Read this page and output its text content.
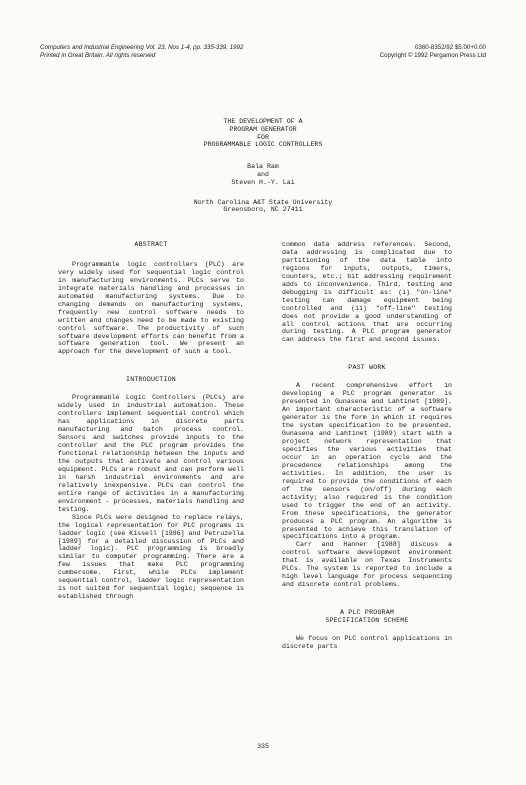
Computers and Industrial Engineering Vol. 23, Nos 1-4, pp. 335-339, 1992
Printed in Great Britain. All rights reserved
0360-8352/92 $5.00+0.00
Copyright © 1992 Pergamon Press Ltd
THE DEVELOPMENT OF A
PROGRAM GENERATOR
FOR
PROGRAMMABLE LOGIC CONTROLLERS
Bala Ram
and
Steven H.-Y. Lai
North Carolina A&T State University
Greensboro, NC 27411
ABSTRACT

Programmable logic controllers (PLC) are very widely used for sequential logic control in manufacturing environments. PLCs serve to integrate materials handling and processes in automated manufacturing systems. Due to changing demands on manufacturing systems, frequently new control software needs to written and changes need to be made to existing control software. The productivity of such software development efforts can benefit from a software generation tool. We present an approach for the development of such a tool.

INTRODUCTION

Programmable Logic Controllers (PLCs) are widely used in industrial automation. These controllers implement sequential control which has applications in discrete parts manufacturing and batch process control. Sensors and switches provide inputs to the controller and the PLC program provides the functional relationship between the inputs and the outputs that activate and control various equipment. PLCs are robust and can perform well in harsh industrial environments and are relatively inexpensive. PLCs can control the entire range of activities in a manufacturing environment - processes, materials handling and testing.

Since PLCs were designed to replace relays, the logical representation for PLC programs is ladder logic (see Kissell [1986] and Petruzella [1989] for a detailed discussion of PLCs and ladder logic). PLC programming is broadly similar to computer programming. There are a few issues that make PLC programming cumbersome. First, while PLCs implement sequential control, ladder logic representation is not suited for sequential logic; sequence is established through

common data address references. Second, data addressing is complicated due to partitioning of the data table into regions for inputs, outputs, timers, counters, etc.; bit addressing requirement adds to inconvenience. Third, testing and debugging is difficult as: (i) "on-line" testing can damage equipment being controlled and (ii) "off-line" testing does not provide a good understanding of all control actions that are occurring during testing. A PLC program generator can address the first and second issues.

PAST WORK

A recent comprehensive effort in developing a PLC program generator is presented in Gunasena and Lahtinet [1989]. An important characteristic of a software generator is the form in which it requires the system specification to be presented. Gunasena and Lahtinet (1989) start with a project network representation that specifies the various activities that occur in an operation cycle and the precedence relationships among the activities. In addition, the user is required to provide the conditions of each of the sensors (on/off) during each activity; also required is the condition used to trigger the end of an activity. From these specifications, the generator produces a PLC program. An algorithm is presented to achieve this translation of specifications into a program.

Carr and Hanner [1988] discuss a control software development environment that is available on Texas Instruments PLCs. The system is reported to include a high level language for process sequencing and discrete control problems.

A PLC PROGRAM
SPECIFICATION SCHEME

We focus on PLC control applications in discrete parts

335
